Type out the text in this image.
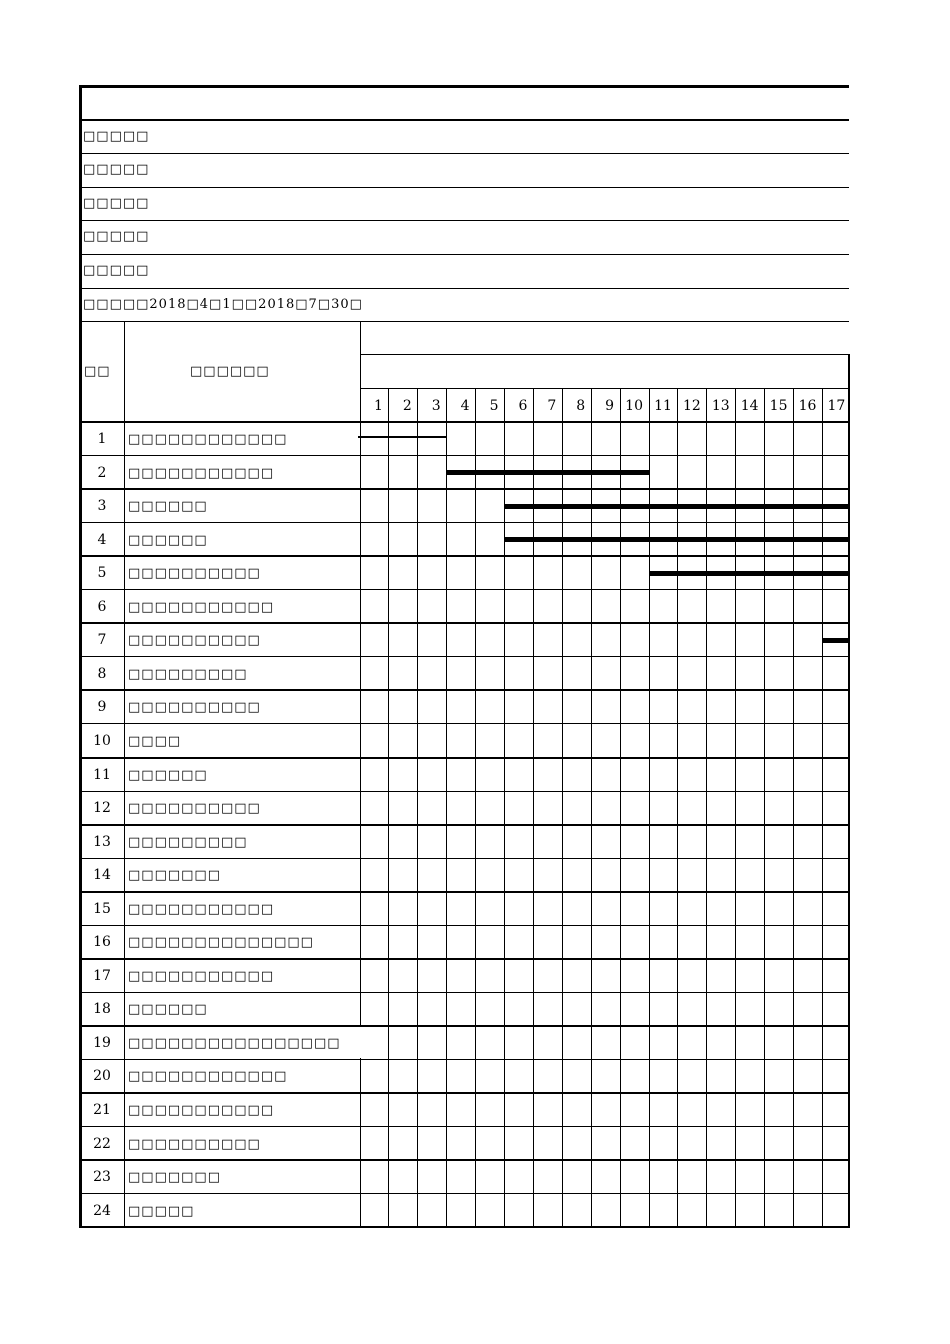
□□□□□
□□□□□
□□□□□
□□□□□
□□□□□
□□□□□2018□4□1□□2018□7□30□
□□	□□□□□□
1	2	3	4	5	6	7	8	9 10 11 12 13 14 15 16 17
1	□□□□□□□□□□□□
2	□□□□□□□□□□□
3	□□□□□□
4	□□□□□□
5	□□□□□□□□□□
6	□□□□□□□□□□□
7	□□□□□□□□□□
8	□□□□□□□□□
9	□□□□□□□□□□
10	□□□□
11	□□□□□□
12	□□□□□□□□□□
13	□□□□□□□□□
14	□□□□□□□
15	□□□□□□□□□□□
16	□□□□□□□□□□□□□□
17	□□□□□□□□□□□
18	□□□□□□
19	□□□□□□□□□□□□□□□□
20	□□□□□□□□□□□□
21	□□□□□□□□□□□
22	□□□□□□□□□□
23	□□□□□□□
24	□□□□□
